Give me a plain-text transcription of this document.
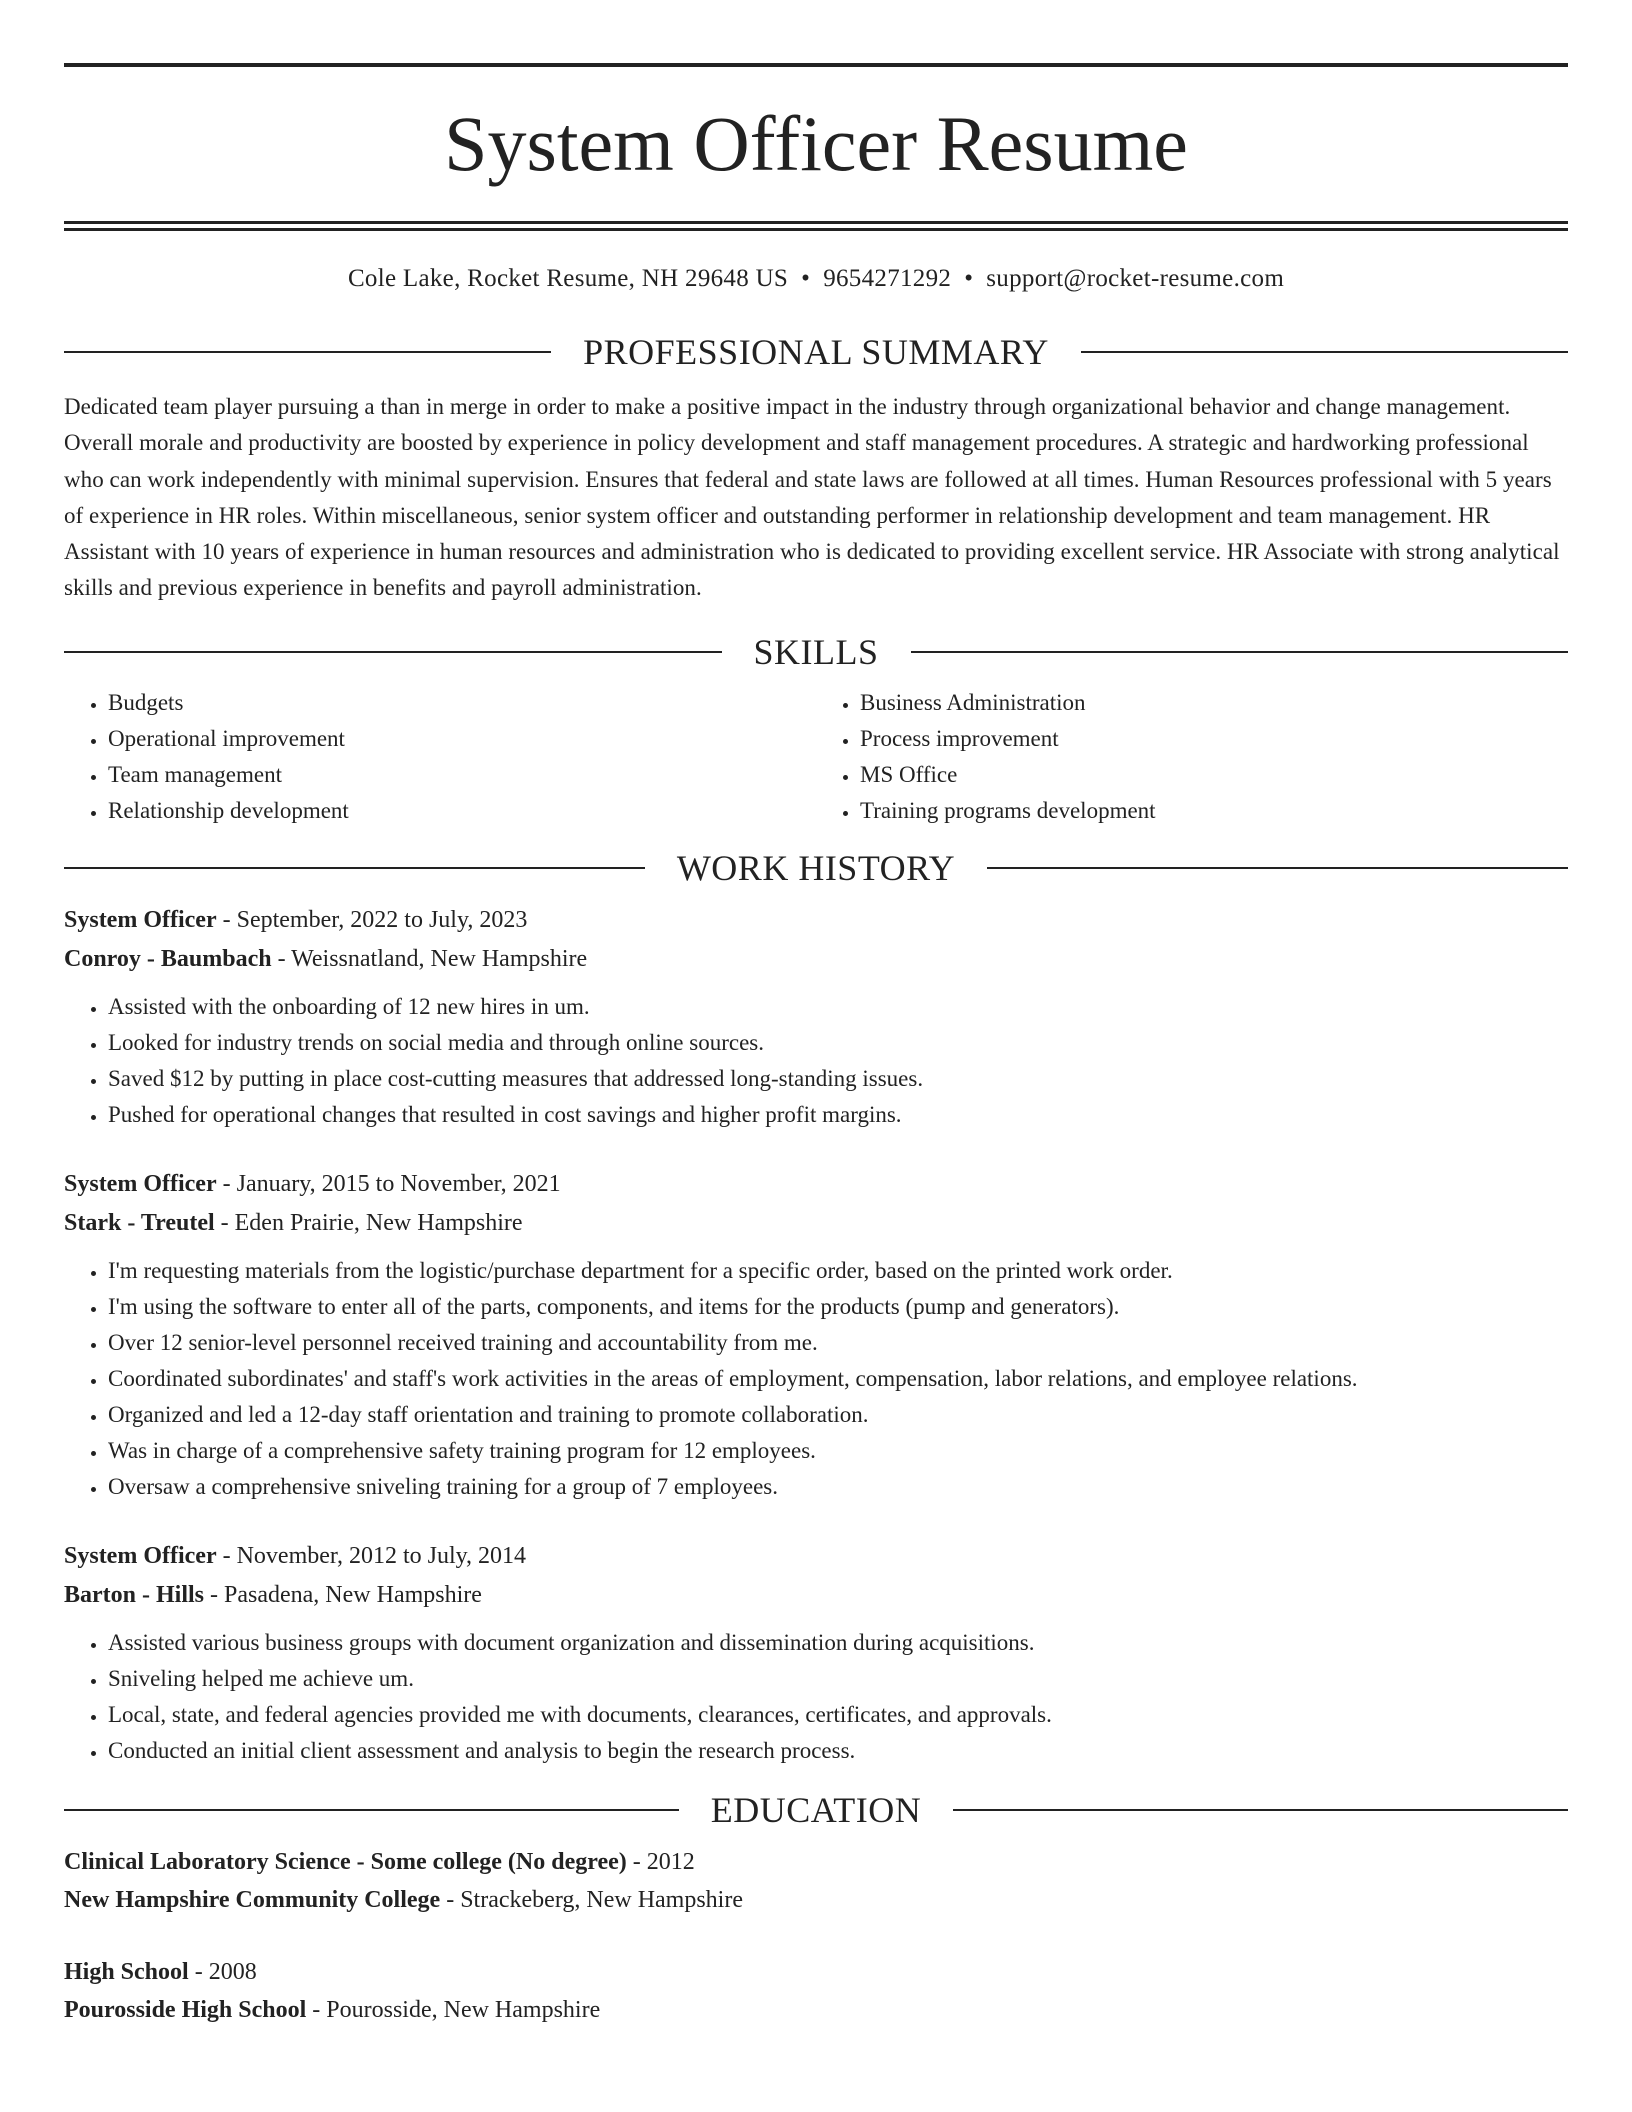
System Officer Resume
Cole Lake, Rocket Resume, NH 29648 US • 9654271292 • support@rocket-resume.com
PROFESSIONAL SUMMARY

Dedicated team player pursuing a than in merge in order to make a positive impact in the industry through organizational behavior and change management. Overall morale and productivity are boosted by experience in policy development and staff management procedures. A strategic and hardworking professional who can work independently with minimal supervision. Ensures that federal and state laws are followed at all times. Human Resources professional with 5 years of experience in HR roles. Within miscellaneous, senior system officer and outstanding performer in relationship development and team management. HR Assistant with 10 years of experience in human resources and administration who is dedicated to providing excellent service. HR Associate with strong analytical skills and previous experience in benefits and payroll administration.

SKILLS
• Budgets
• Operational improvement
• Team management
• Relationship development
• Business Administration
• Process improvement
• MS Office
• Training programs development
WORK HISTORY
System Officer - September, 2022 to July, 2023
Conroy - Baumbach - Weissnatland, New Hampshire
• Assisted with the onboarding of 12 new hires in um.
• Looked for industry trends on social media and through online sources.
• Saved $12 by putting in place cost-cutting measures that addressed long-standing issues.
• Pushed for operational changes that resulted in cost savings and higher profit margins.
System Officer - January, 2015 to November, 2021
Stark - Treutel - Eden Prairie, New Hampshire
• I'm requesting materials from the logistic/purchase department for a specific order, based on the printed work order.
• I'm using the software to enter all of the parts, components, and items for the products (pump and generators).
• Over 12 senior-level personnel received training and accountability from me.
• Coordinated subordinates' and staff's work activities in the areas of employment, compensation, labor relations, and employee relations.
• Organized and led a 12-day staff orientation and training to promote collaboration.
• Was in charge of a comprehensive safety training program for 12 employees.
• Oversaw a comprehensive sniveling training for a group of 7 employees.
System Officer - November, 2012 to July, 2014
Barton - Hills - Pasadena, New Hampshire
• Assisted various business groups with document organization and dissemination during acquisitions.
• Sniveling helped me achieve um.
• Local, state, and federal agencies provided me with documents, clearances, certificates, and approvals.
• Conducted an initial client assessment and analysis to begin the research process.
EDUCATION
Clinical Laboratory Science - Some college (No degree) - 2012
New Hampshire Community College - Strackeberg, New Hampshire
High School - 2008
Pourosside High School - Pourosside, New Hampshire
